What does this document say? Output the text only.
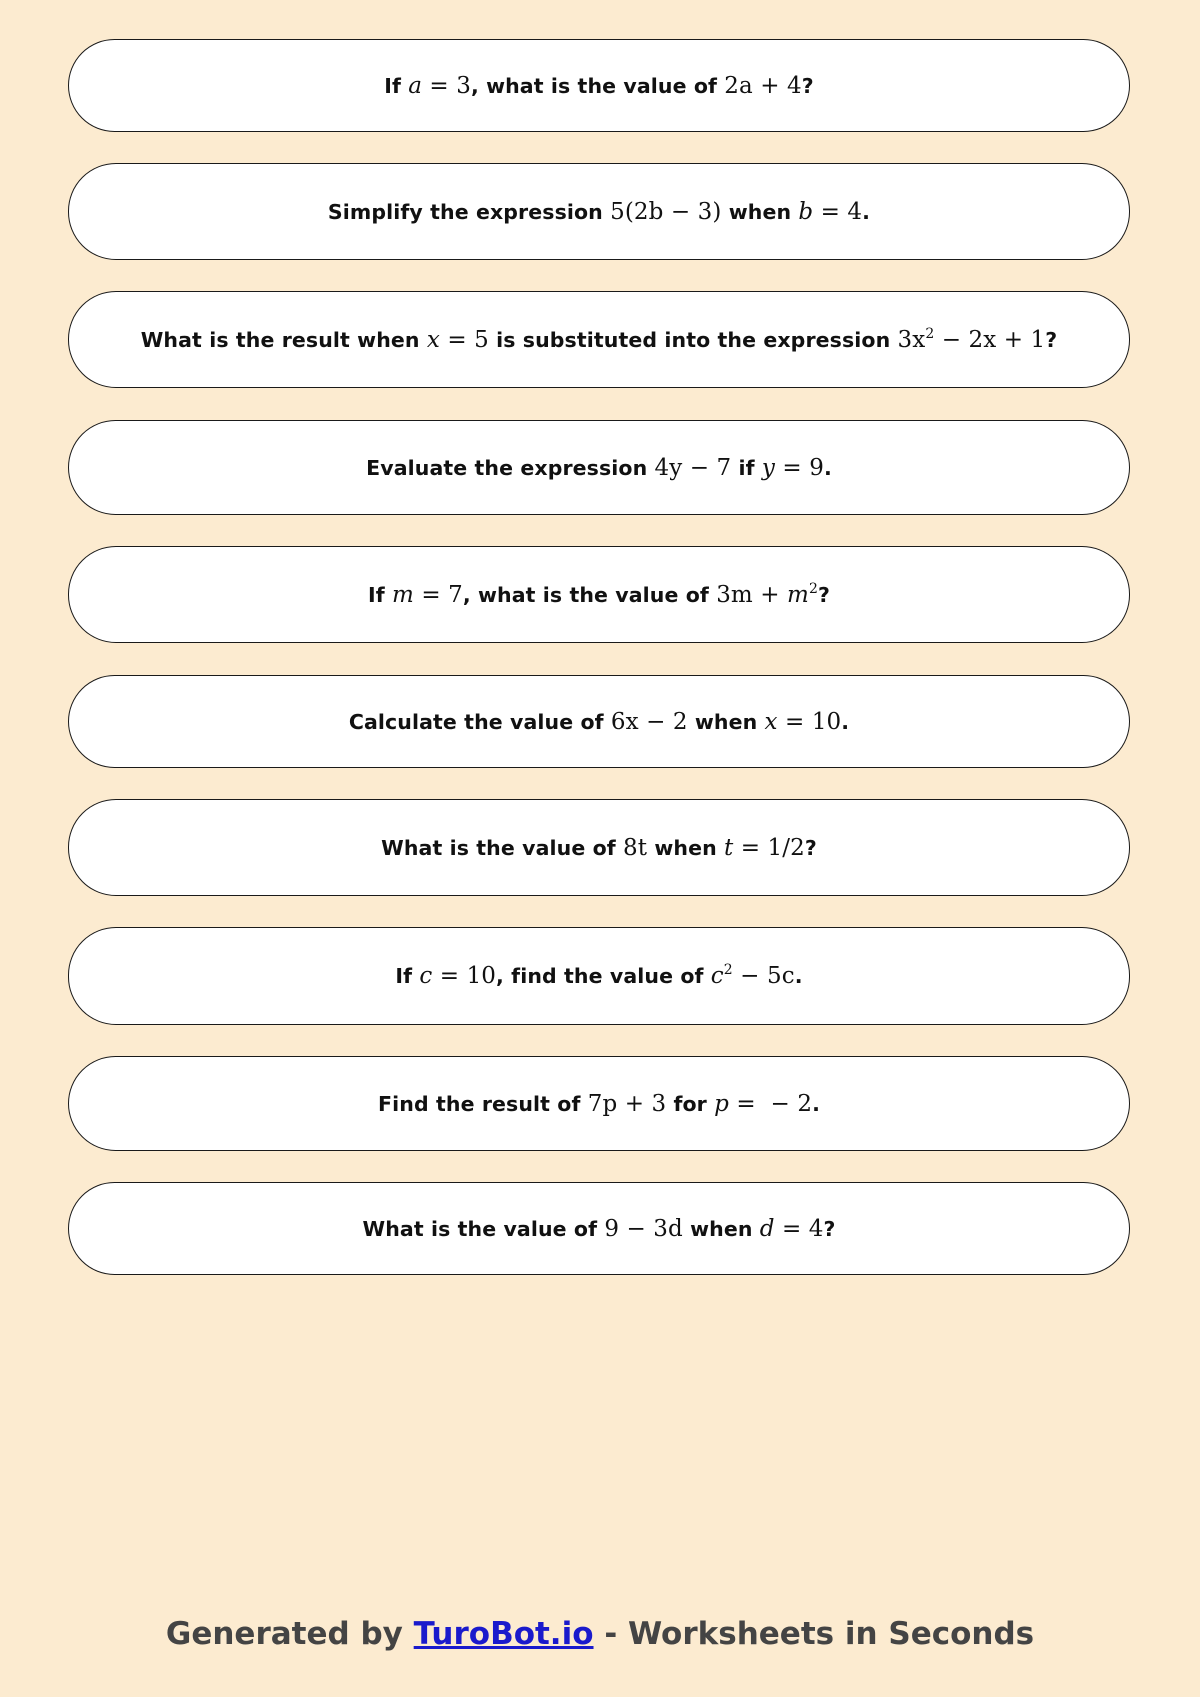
If a = 3, what is the value of 2a + 4?
Simplify the expression 5(2b − 3) when b = 4.
What is the result when x = 5 is substituted into the expression $3x^2 - 2x + 1$?
Evaluate the expression 4y − 7 if y = 9.
If m = 7, what is the value of $3m + m^2$?
Calculate the value of 6x − 2 when x = 10.
What is the value of 8t when t = 1/2?
If c = 10, find the value of $c^2 - 5c$.
Find the result of 7p + 3 for p =  − 2.
What is the value of 9 − 3d when d = 4?
Generated by TuroBot.io - Worksheets in Seconds
